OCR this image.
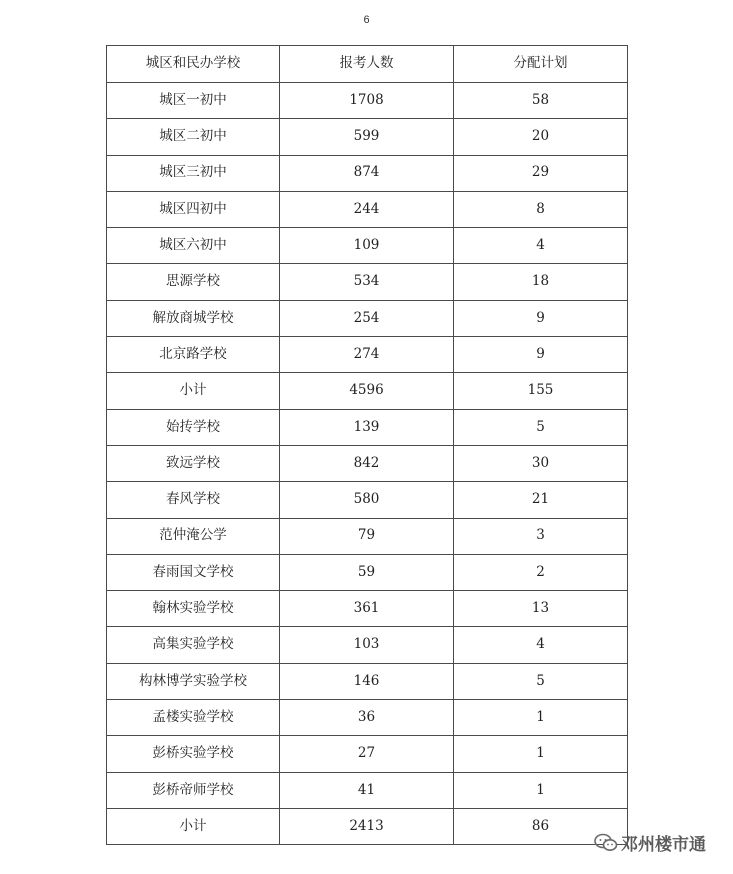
6
城区和民办学校	报考人数	分配计划
城区一初中	1708	58
城区二初中	599	20
城区三初中	874	29
城区四初中	244	8
城区六初中	109	4
思源学校	534	18
解放商城学校	254	9
北京路学校	274	9
小计	4596	155
始抟学校	139	5
致远学校	842	30
春风学校	580	21
范仲淹公学	79	3
春雨国文学校	59	2
翰林实验学校	361	13
高集实验学校	103	4
构林博学实验学校	146	5
孟楼实验学校	36	1
彭桥实验学校	27	1
彭桥帝师学校	41	1
小计	2413	86
邓州楼市通
